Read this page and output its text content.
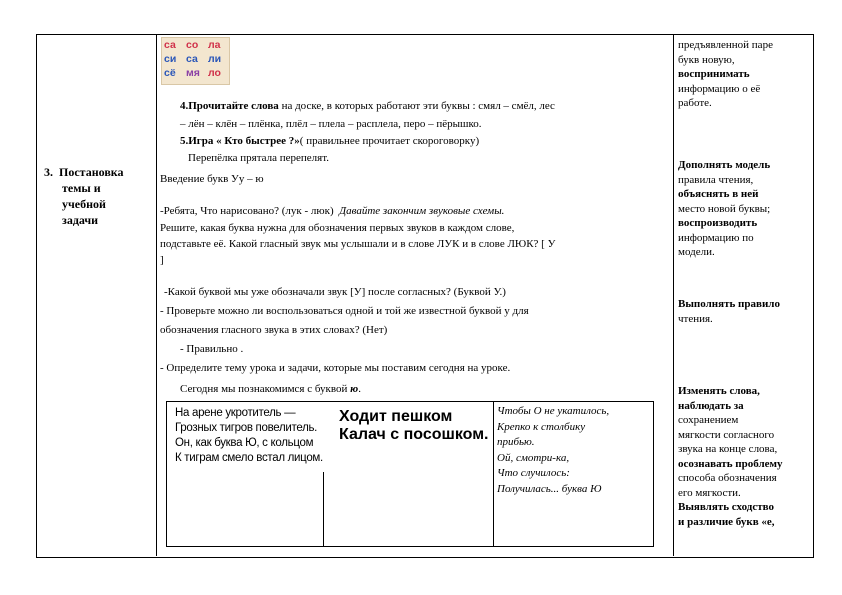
3. Постановка
темы и
учебной
задачи
са со ла
си са ли
сё мя ло
4.Прочитайте слова на доске, в которых работают эти буквы : смял – смёл, лес
– лён – клён – плёнка, плёл – плела – расплела, перо – пёрышко.
5.Игра « Кто быстрее ?»( правильнее прочитает скороговорку)
Перепёлка прятала перепелят.
Введение букв Уу – ю
-Ребята, Что нарисовано? (лук - люк) Давайте закончим звуковые схемы.
Решите, какая буква нужна для обозначения первых звуков в каждом слове,
подставьте её. Какой гласный звук мы услышали и в слове ЛУК и в слове ЛЮК? [ У
]
-Какой буквой мы уже обозначали звук [У] после согласных? (Буквой У.)
- Проверьте можно ли воспользоваться одной и той же известной буквой у для
обозначения гласного звука в этих словах? (Нет)
- Правильно .
- Определите тему урока и задачи, которые мы поставим сегодня на уроке.
Сегодня мы познакомимся с буквой ю.
На арене укротитель —
Грозных тигров повелитель.
Он, как буква Ю, с кольцом
К тиграм смело встал лицом.
Ходит пешком
Калач с посошком.
Чтобы О не укатилось,
Крепко к столбику
прибью.
Ой, смотри-ка,
Что случилось:
Получилась... буква Ю
предъявленной паре
букв новую,
воспринимать
информацию о её
работе.
Дополнять модель
правила чтения,
объяснять в ней
место новой буквы;
воспроизводить
информацию по
модели.
Выполнять правило
чтения.
Изменять слова,
наблюдать за
сохранением
мягкости согласного
звука на конце слова,
осознавать проблему
способа обозначения
его мягкости.
Выявлять сходство
и различие букв «е,
